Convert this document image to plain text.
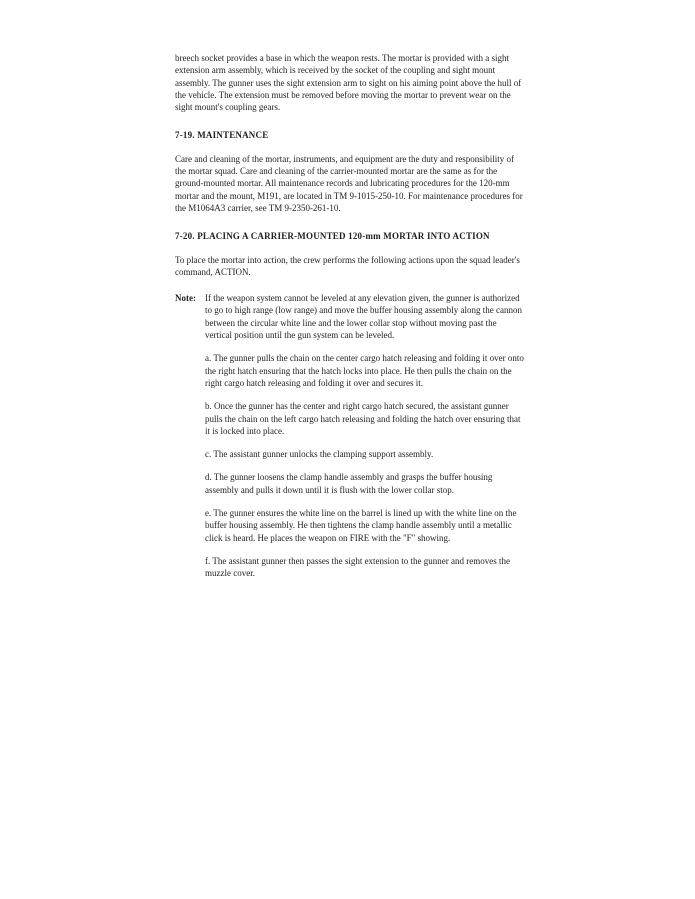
breech socket provides a base in which the weapon rests. The mortar is provided with a sight extension arm assembly, which is received by the socket of the coupling and sight mount assembly. The gunner uses the sight extension arm to sight on his aiming point above the hull of the vehicle. The extension must be removed before moving the mortar to prevent wear on the sight mount's coupling gears.

7-19. MAINTENANCE

Care and cleaning of the mortar, instruments, and equipment are the duty and responsibility of the mortar squad. Care and cleaning of the carrier-mounted mortar are the same as for the ground-mounted mortar. All maintenance records and lubricating procedures for the 120-mm mortar and the mount, M191, are located in TM 9-1015-250-10. For maintenance procedures for the M1064A3 carrier, see TM 9-2350-261-10.

7-20. PLACING A CARRIER-MOUNTED 120-mm MORTAR INTO ACTION

To place the mortar into action, the crew performs the following actions upon the squad leader's command, ACTION.

Note:	If the weapon system cannot be leveled at any elevation given, the gunner is authorized to go to high range (low range) and move the buffer housing assembly along the cannon between the circular white line and the lower collar stop without moving past the vertical position until the gun system can be leveled.

a. The gunner pulls the chain on the center cargo hatch releasing and folding it over onto the right hatch ensuring that the hatch locks into place. He then pulls the chain on the right cargo hatch releasing and folding it over and secures it.

b. Once the gunner has the center and right cargo hatch secured, the assistant gunner pulls the chain on the left cargo hatch releasing and folding the hatch over ensuring that it is locked into place.

c. The assistant gunner unlocks the clamping support assembly.

d. The gunner loosens the clamp handle assembly and grasps the buffer housing assembly and pulls it down until it is flush with the lower collar stop.

e. The gunner ensures the white line on the barrel is lined up with the white line on the buffer housing assembly. He then tightens the clamp handle assembly until a metallic click is heard. He places the weapon on FIRE with the "F" showing.

f. The assistant gunner then passes the sight extension to the gunner and removes the muzzle cover.
